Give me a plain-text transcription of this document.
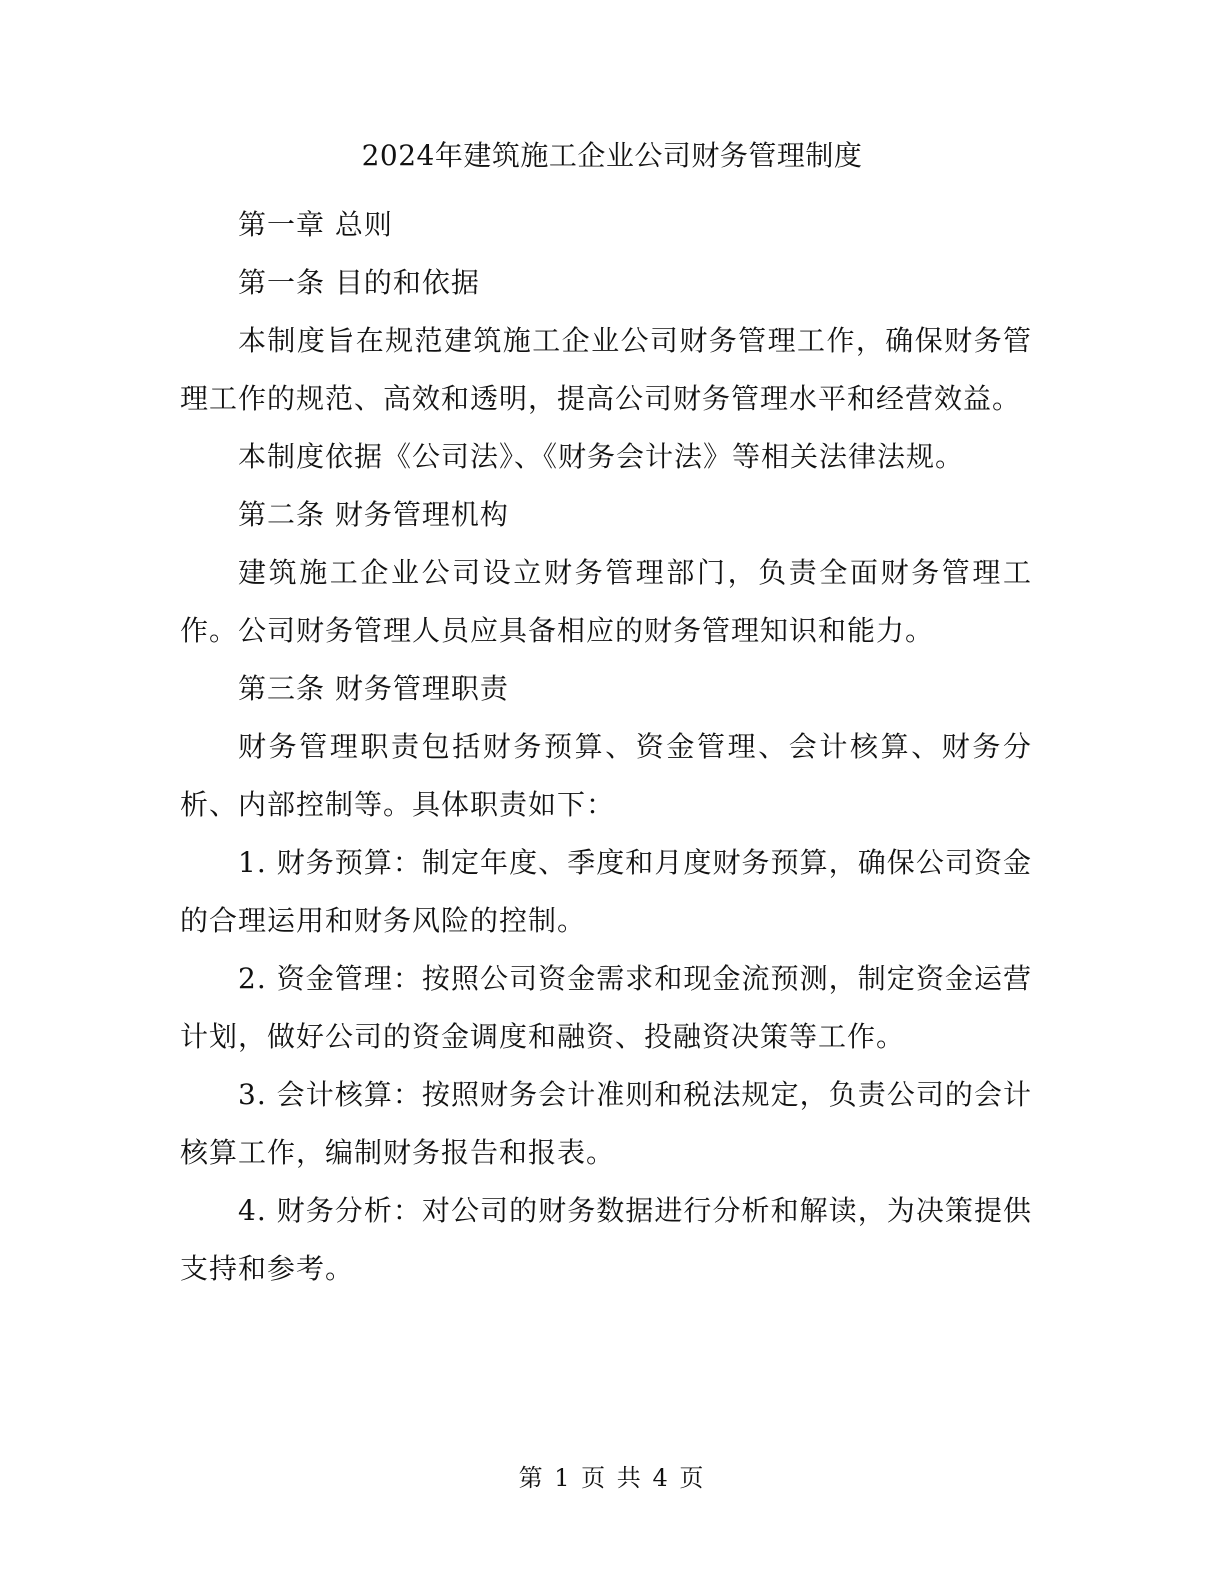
2024年建筑施工企业公司财务管理制度

第一章 总则

第一条 目的和依据

本制度旨在规范建筑施工企业公司财务管理工作，确保财务管理工作的规范、高效和透明，提高公司财务管理水平和经营效益。

本制度依据《公司法》、《财务会计法》等相关法律法规。

第二条 财务管理机构

建筑施工企业公司设立财务管理部门，负责全面财务管理工作。公司财务管理人员应具备相应的财务管理知识和能力。

第三条 财务管理职责

财务管理职责包括财务预算、资金管理、会计核算、财务分析、内部控制等。具体职责如下：

1. 财务预算：制定年度、季度和月度财务预算，确保公司资金的合理运用和财务风险的控制。

2. 资金管理：按照公司资金需求和现金流预测，制定资金运营计划，做好公司的资金调度和融资、投融资决策等工作。

3. 会计核算：按照财务会计准则和税法规定，负责公司的会计核算工作，编制财务报告和报表。

4. 财务分析：对公司的财务数据进行分析和解读，为决策提供支持和参考。

第 1 页 共 4 页
